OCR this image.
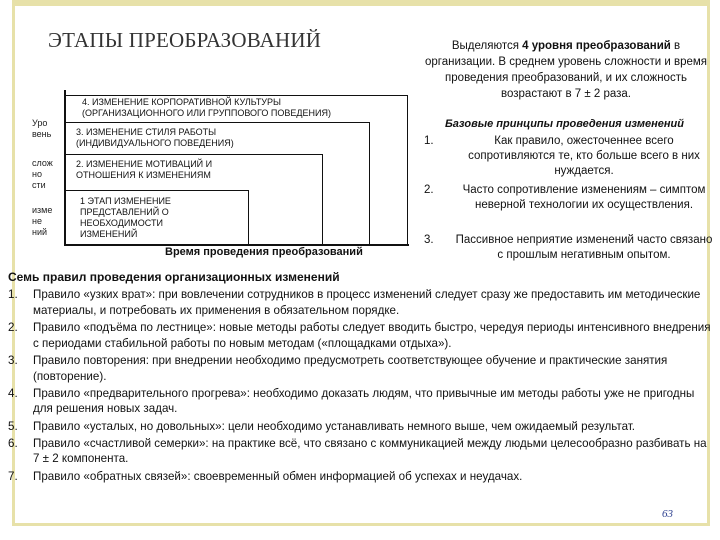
ЭТАПЫ ПРЕОБРАЗОВАНИЙ
Уро
вень
слож
но
сти
изме
не
ний
4. ИЗМЕНЕНИЕ КОРПОРАТИВНОЙ КУЛЬТУРЫ
(ОРГАНИЗАЦИОННОГО ИЛИ ГРУППОВОГО ПОВЕДЕНИЯ)
3. ИЗМЕНЕНИЕ СТИЛЯ РАБОТЫ
(ИНДИВИДУАЛЬНОГО ПОВЕДЕНИЯ)
2. ИЗМЕНЕНИЕ МОТИВАЦИЙ И
ОТНОШЕНИЯ К ИЗМЕНЕНИЯМ
1 ЭТАП ИЗМЕНЕНИЕ
ПРЕДСТАВЛЕНИЙ О
НЕОБХОДИМОСТИ
ИЗМЕНЕНИЙ
Время проведения преобразований
Выделяются 4 уровня преобразований в организации. В среднем уровень сложности и время проведения преобразований, и их сложность возрастают в 7 ± 2 раза.
Базовые принципы проведения изменений
1.	Как правило, ожесточеннее всего сопротивляются те, кто больше всего в них нуждается.
2.	Часто сопротивление изменениям – симптом неверной технологии их осуществления.
3.	Пассивное неприятие изменений часто связано с прошлым негативным опытом.
Семь правил проведения организационных изменений
1. Правило «узких врат»: при вовлечении сотрудников в процесс изменений следует сразу же предоставить им методические материалы, и потребовать их применения в обязательном порядке.
2. Правило «подъёма по лестнице»: новые методы работы следует вводить быстро, чередуя периоды интенсивного внедрения с периодами стабильной работы по новым методам («площадками отдыха»).
3. Правило повторения: при внедрении необходимо предусмотреть соответствующее обучение и практические занятия (повторение).
4. Правило «предварительного прогрева»: необходимо доказать людям, что привычные им методы работы уже не пригодны для решения новых задач.
5. Правило «усталых, но довольных»: цели необходимо устанавливать немного выше, чем ожидаемый результат.
6. Правило «счастливой семерки»: на практике всё, что связано с коммуникацией между людьми целесообразно разбивать на 7 ± 2 компонента.
7. Правило «обратных связей»: своевременный обмен информацией об успехах и неудачах.
63
